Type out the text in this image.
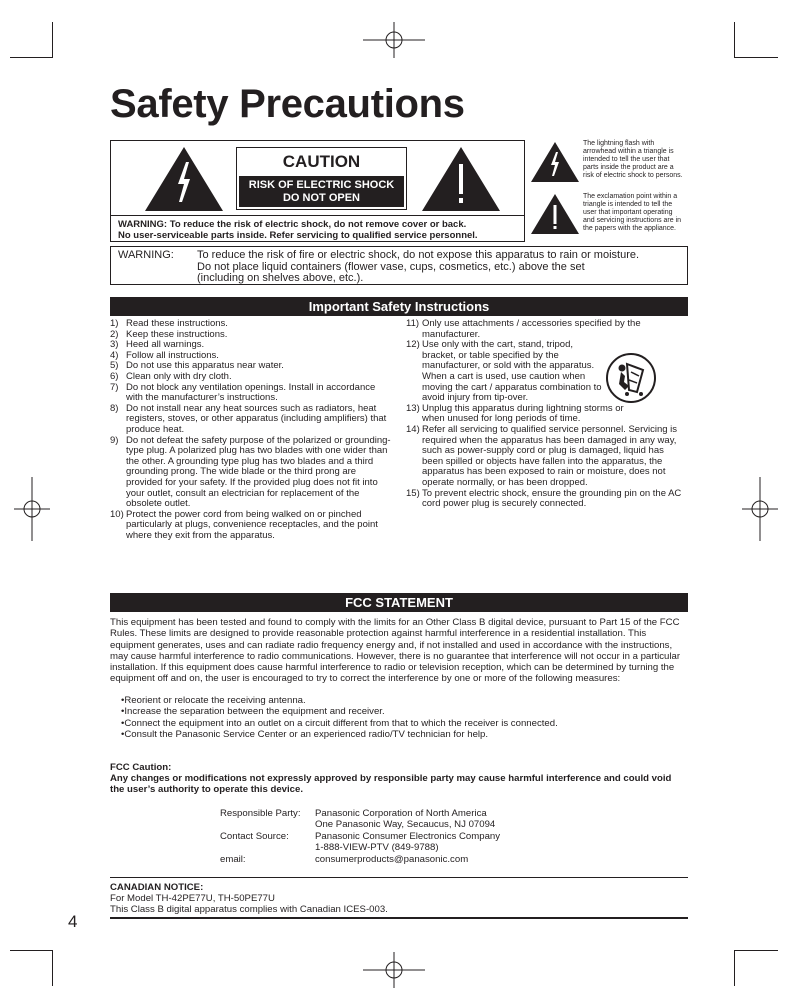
Safety Precautions
CAUTION
RISK OF ELECTRIC SHOCK
DO NOT OPEN
WARNING: To reduce the risk of electric shock, do not remove cover or back.
No user-serviceable parts inside. Refer servicing to qualified service personnel.
The lightning flash with arrowhead within a triangle is intended to tell the user that parts inside the product are a risk of electric shock to persons.
The exclamation point within a triangle is intended to tell the user that important operating and servicing instructions are in the papers with the appliance.
WARNING: To reduce the risk of fire or electric shock, do not expose this apparatus to rain or moisture.
Do not place liquid containers (flower vase, cups, cosmetics, etc.) above the set
(including on shelves above, etc.).
Important Safety Instructions
1) Read these instructions.
2) Keep these instructions.
3) Heed all warnings.
4) Follow all instructions.
5) Do not use this apparatus near water.
6) Clean only with dry cloth.
7) Do not block any ventilation openings. Install in accordance with the manufacturer’s instructions.
8) Do not install near any heat sources such as radiators, heat registers, stoves, or other apparatus (including amplifiers) that produce heat.
9) Do not defeat the safety purpose of the polarized or grounding-type plug. A polarized plug has two blades with one wider than the other. A grounding type plug has two blades and a third grounding prong. The wide blade or the third prong are provided for your safety. If the provided plug does not fit into your outlet, consult an electrician for replacement of the obsolete outlet.
10) Protect the power cord from being walked on or pinched particularly at plugs, convenience receptacles, and the point where they exit from the apparatus.
11) Only use attachments / accessories specified by the manufacturer.
12) Use only with the cart, stand, tripod, bracket, or table specified by the manufacturer, or sold with the apparatus. When a cart is used, use caution when moving the cart / apparatus combination to avoid injury from tip-over.
13) Unplug this apparatus during lightning storms or when unused for long periods of time.
14) Refer all servicing to qualified service personnel. Servicing is required when the apparatus has been damaged in any way, such as power-supply cord or plug is damaged, liquid has been spilled or objects have fallen into the apparatus, the apparatus has been exposed to rain or moisture, does not operate normally, or has been dropped.
15) To prevent electric shock, ensure the grounding pin on the AC cord power plug is securely connected.
FCC STATEMENT
This equipment has been tested and found to comply with the limits for an Other Class B digital device, pursuant to Part 15 of the FCC Rules. These limits are designed to provide reasonable protection against harmful interference in a residential installation. This equipment generates, uses and can radiate radio frequency energy and, if not installed and used in accordance with the instructions, may cause harmful interference to radio communications. However, there is no guarantee that interference will not occur in a particular installation. If this equipment does cause harmful interference to radio or television reception, which can be determined by turning the equipment off and on, the user is encouraged to try to correct the interference by one or more of the following measures:
• Reorient or relocate the receiving antenna.
• Increase the separation between the equipment and receiver.
• Connect the equipment into an outlet on a circuit different from that to which the receiver is connected.
• Consult the Panasonic Service Center or an experienced radio/TV technician for help.
FCC Caution:
Any changes or modifications not expressly approved by responsible party may cause harmful interference and could void the user’s authority to operate this device.
Responsible Party: Panasonic Corporation of North America
One Panasonic Way, Secaucus, NJ 07094
Contact Source:	Panasonic Consumer Electronics Company
1-888-VIEW-PTV (849-9788)
email:	consumerproducts@panasonic.com
CANADIAN NOTICE:
For Model TH-42PE77U, TH-50PE77U
This Class B digital apparatus complies with Canadian ICES-003.
4
